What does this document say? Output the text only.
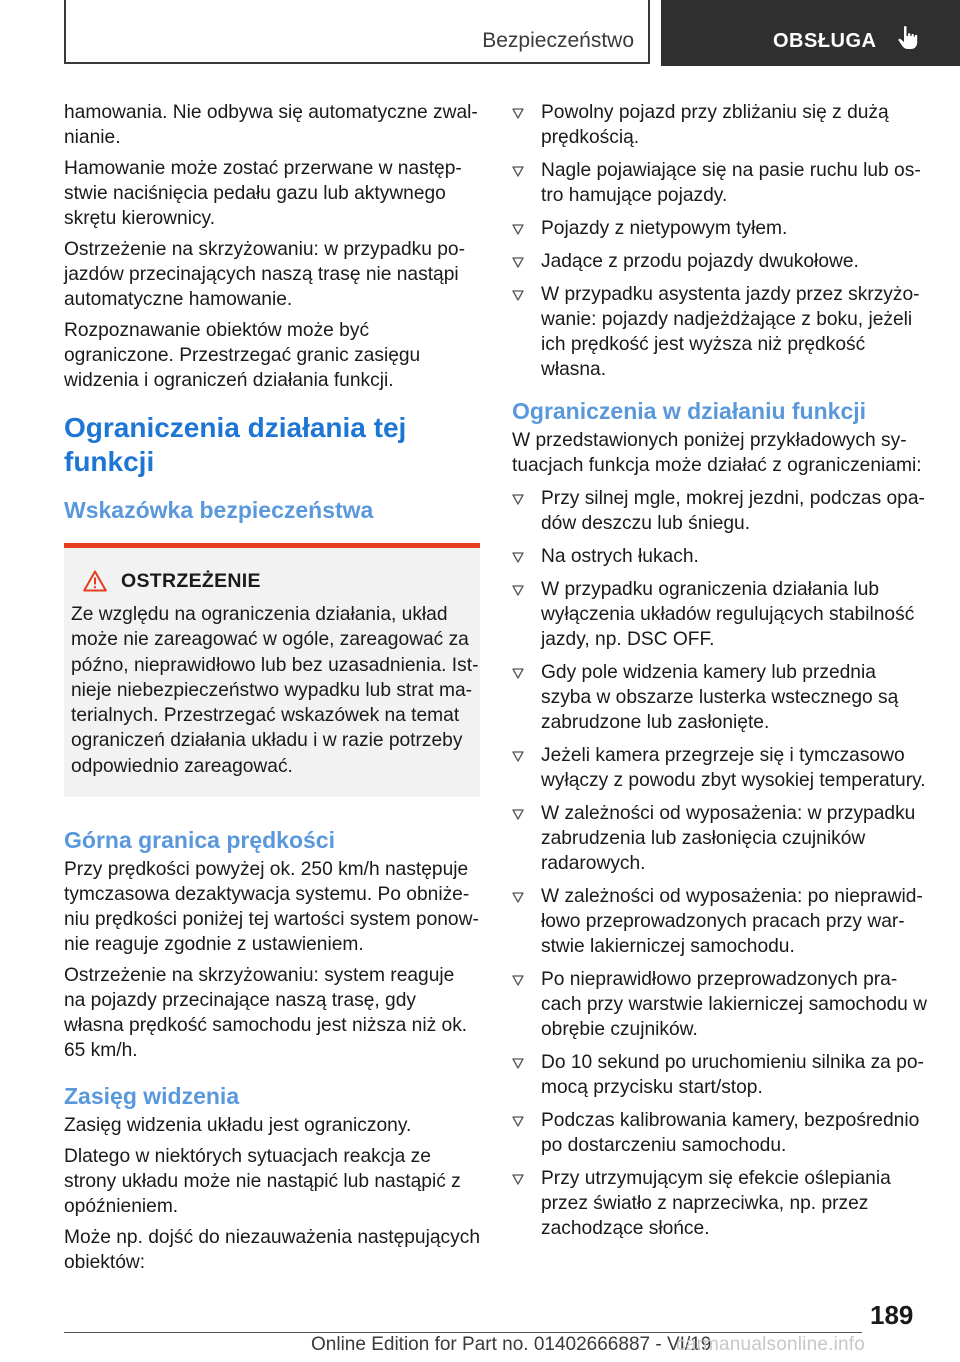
Bezpieczeństwo	OBSŁUGA

hamowania. Nie odbywa się automatyczne zwalnianie.

Hamowanie może zostać przerwane w następstwie naciśnięcia pedału gazu lub aktywnego skrętu kierownicy.

Ostrzeżenie na skrzyżowaniu: w przypadku pojazdów przecinających naszą trasę nie nastąpi automatyczne hamowanie.

Rozpoznawanie obiektów może być ograniczone. Przestrzegać granic zasięgu widzenia i ograniczeń działania funkcji.

Ograniczenia działania tej funkcji
Wskazówka bezpieczeństwa
OSTRZEŻENIE

Ze względu na ograniczenia działania, układ może nie zareagować w ogóle, zareagować za późno, nieprawidłowo lub bez uzasadnienia. Istnieje niebezpieczeństwo wypadku lub strat materialnych. Przestrzegać wskazówek na temat ograniczeń działania układu i w razie potrzeby odpowiednio zareagować.

Górna granica prędkości

Przy prędkości powyżej ok. 250 km/h następuje tymczasowa dezaktywacja systemu. Po obniżeniu prędkości poniżej tej wartości system ponownie reaguje zgodnie z ustawieniem.

Ostrzeżenie na skrzyżowaniu: system reaguje na pojazdy przecinające naszą trasę, gdy własna prędkość samochodu jest niższa niż ok. 65 km/h.

Zasięg widzenia

Zasięg widzenia układu jest ograniczony.

Dlatego w niektórych sytuacjach reakcja ze strony układu może nie nastąpić lub nastąpić z opóźnieniem.

Może np. dojść do niezauważenia następujących obiektów:

Powolny pojazd przy zbliżaniu się z dużą prędkością.
Nagle pojawiające się na pasie ruchu lub ostro hamujące pojazdy.
Pojazdy z nietypowym tyłem.
Jadące z przodu pojazdy dwukołowe.
W przypadku asystenta jazdy przez skrzyżowanie: pojazdy nadjeżdżające z boku, jeżeli ich prędkość jest wyższa niż prędkość własna.
Ograniczenia w działaniu funkcji

W przedstawionych poniżej przykładowych sytuacjach funkcja może działać z ograniczeniami:

Przy silnej mgle, mokrej jezdni, podczas opadów deszczu lub śniegu.
Na ostrych łukach.
W przypadku ograniczenia działania lub wyłączenia układów regulujących stabilność jazdy, np. DSC OFF.
Gdy pole widzenia kamery lub przednia szyba w obszarze lusterka wstecznego są zabrudzone lub zasłonięte.
Jeżeli kamera przegrzeje się i tymczasowo wyłączy z powodu zbyt wysokiej temperatury.
W zależności od wyposażenia: w przypadku zabrudzenia lub zasłonięcia czujników radarowych.
W zależności od wyposażenia: po nieprawidłowo przeprowadzonych pracach przy warstwie lakierniczej samochodu.
Po nieprawidłowo przeprowadzonych pracach przy warstwie lakierniczej samochodu w obrębie czujników.
Do 10 sekund po uruchomieniu silnika za pomocą przycisku start/stop.
Podczas kalibrowania kamery, bezpośrednio po dostarczeniu samochodu.
Przy utrzymującym się efekcie oślepiania przez światło z naprzeciwka, np. przez zachodzące słońce.
189
Online Edition for Part no. 01402666887 - VI/19
carmanualsonline.info
